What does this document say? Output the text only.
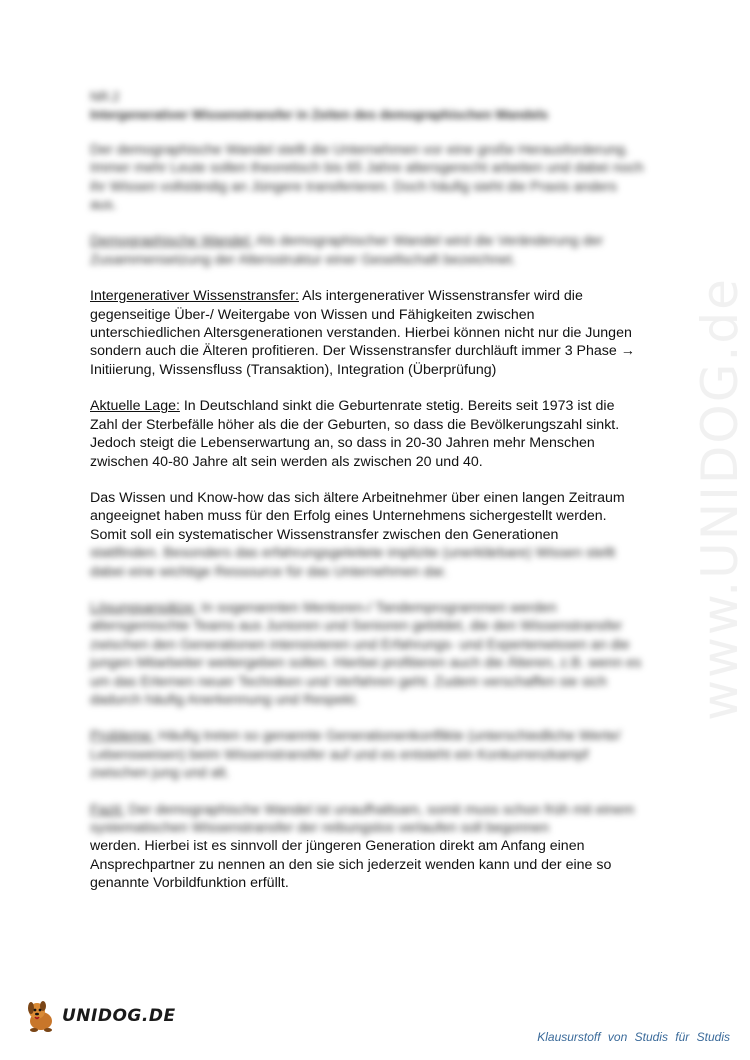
www.UNIDOG.de
NR.2
Intergenerativer Wissenstransfer in Zeiten des demographischen Wandels

Der demographische Wandel stellt die Unternehmen vor eine große Herausforderung. Immer mehr Leute sollen theoretisch bis 65 Jahre altersgerecht arbeiten und dabei noch ihr Wissen vollständig an Jüngere transferieren. Doch häufig sieht die Praxis anders aus.

Demographische Wandel: Als demographischer Wandel wird die Veränderung der Zusammensetzung der Altersstruktur einer Gesellschaft bezeichnet.

Intergenerativer Wissenstransfer: Als intergenerativer Wissenstransfer wird die gegenseitige Über-/ Weitergabe von Wissen und Fähigkeiten zwischen unterschiedlichen Altersgenerationen verstanden. Hierbei können nicht nur die Jungen sondern auch die Älteren profitieren. Der Wissenstransfer durchläuft immer 3 Phase → Initiierung, Wissensfluss (Transaktion), Integration (Überprüfung)

Aktuelle Lage: In Deutschland sinkt die Geburtenrate stetig. Bereits seit 1973 ist die Zahl der Sterbefälle höher als die der Geburten, so dass die Bevölkerungszahl sinkt. Jedoch steigt die Lebenserwartung an, so dass in 20-30 Jahren mehr Menschen zwischen 40-80 Jahre alt sein werden als zwischen 20 und 40.

Das Wissen und Know-how das sich ältere Arbeitnehmer über einen langen Zeitraum angeeignet haben muss für den Erfolg eines Unternehmens sichergestellt werden. Somit soll ein systematischer Wissenstransfer zwischen den Generationen
stattfinden. Besonders das erfahrungsgeleitete implizite (unerklärbare) Wissen stellt dabei eine wichtige Ressource für das Unternehmen dar.

Lösungsansätze: In sogenannten Mentoren-/ Tandemprogrammen werden altersgemischte Teams aus Junioren und Senioren gebildet, die den Wissenstransfer zwischen den Generationen intensivieren und Erfahrungs- und Expertenwissen an die jungen Mitarbeiter weitergeben sollen. Hierbei profitieren auch die Älteren, z.B. wenn es um das Erlernen neuer Techniken und Verfahren geht. Zudem verschaffen sie sich dadurch häufig Anerkennung und Respekt.

Probleme: Häufig treten so genannte Generationenkonflikte (unterschiedliche Werte/ Lebensweisen) beim Wissenstransfer auf und es entsteht ein Konkurrenzkampf zwischen jung und alt.

Fazit: Der demographische Wandel ist unaufhaltsam, somit muss schon früh mit einem systematischen Wissenstransfer der reibungslos verlaufen soll begonnen
werden. Hierbei ist es sinnvoll der jüngeren Generation direkt am Anfang einen Ansprechpartner zu nennen an den sie sich jederzeit wenden kann und der eine so genannte Vorbildfunktion erfüllt.
UNIDOG.DE
Klausurstoff von Studis für Studis
